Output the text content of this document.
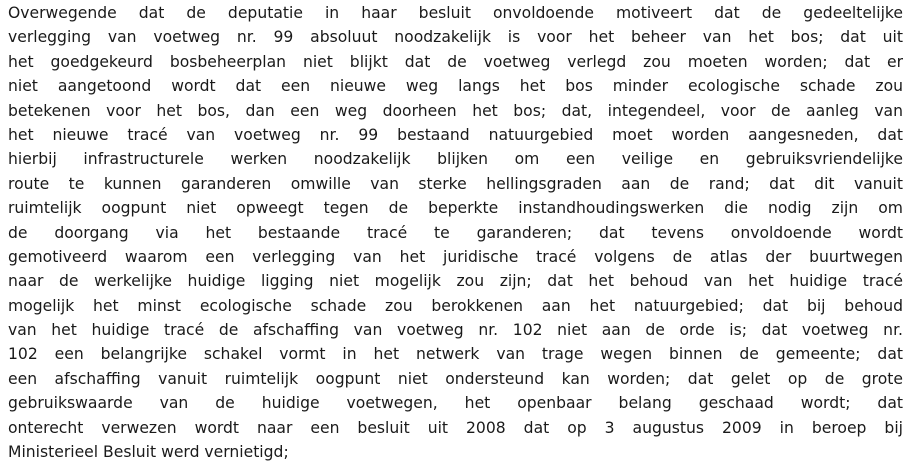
Overwegende dat de deputatie in haar besluit onvoldoende motiveert dat de gedeeltelijke
verlegging van voetweg nr. 99 absoluut noodzakelijk is voor het beheer van het bos; dat uit
het goedgekeurd bosbeheerplan niet blijkt dat de voetweg verlegd zou moeten worden; dat er
niet aangetoond wordt dat een nieuwe weg langs het bos minder ecologische schade zou
betekenen voor het bos, dan een weg doorheen het bos; dat, integendeel, voor de aanleg van
het nieuwe tracé van voetweg nr. 99 bestaand natuurgebied moet worden aangesneden, dat
hierbij infrastructurele werken noodzakelijk blijken om een veilige en gebruiksvriendelijke
route te kunnen garanderen omwille van sterke hellingsgraden aan de rand; dat dit vanuit
ruimtelijk oogpunt niet opweegt tegen de beperkte instandhoudingswerken die nodig zijn om
de doorgang via het bestaande tracé te garanderen; dat tevens onvoldoende wordt
gemotiveerd waarom een verlegging van het juridische tracé volgens de atlas der buurtwegen
naar de werkelijke huidige ligging niet mogelijk zou zijn; dat het behoud van het huidige tracé
mogelijk het minst ecologische schade zou berokkenen aan het natuurgebied; dat bij behoud
van het huidige tracé de afschaffing van voetweg nr. 102 niet aan de orde is; dat voetweg nr.
102 een belangrijke schakel vormt in het netwerk van trage wegen binnen de gemeente; dat
een afschaffing vanuit ruimtelijk oogpunt niet ondersteund kan worden; dat gelet op de grote
gebruikswaarde van de huidige voetwegen, het openbaar belang geschaad wordt; dat
onterecht verwezen wordt naar een besluit uit 2008 dat op 3 augustus 2009 in beroep bij
Ministerieel Besluit werd vernietigd;
